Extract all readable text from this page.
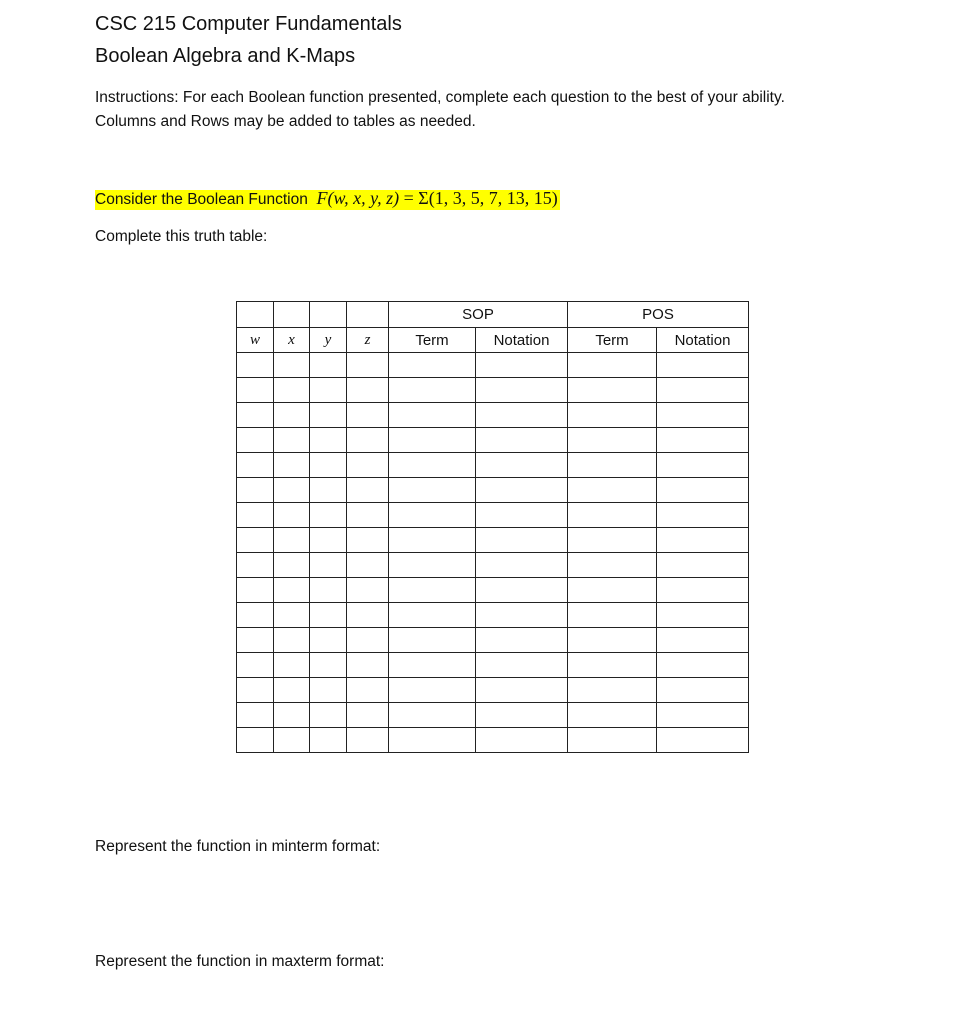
CSC 215 Computer Fundamentals
Boolean Algebra and K-Maps

Instructions: For each Boolean function presented, complete each question to the best of your ability.
Columns and Rows may be added to tables as needed.

Consider the Boolean Function F(w, x, y, z) = Σ(1, 3, 5, 7, 13, 15)

Complete this truth table:

				SOP		POS	
w	x	y	z	Term	Notation	Term	Notation

Represent the function in minterm format:

Represent the function in maxterm format:
